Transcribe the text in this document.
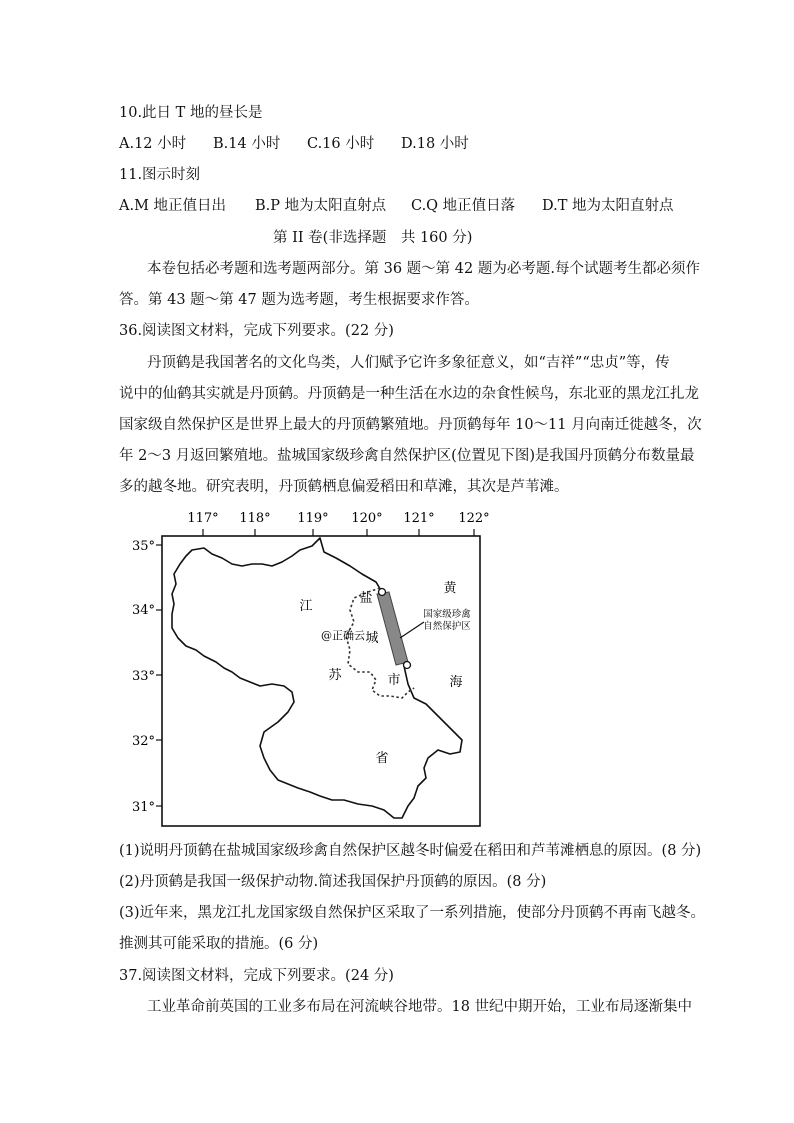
10.此日 T 地的昼长是
A.12 小时 B.14 小时 C.16 小时 D.18 小时
11.图示时刻
A.M 地正值日出 B.P 地为太阳直射点 C.Q 地正值日落 D.T 地为太阳直射点
第 II 卷(非选择题　共 160 分)
本卷包括必考题和选考题两部分。第 36 题～第 42 题为必考题.每个试题考生都必须作
答。第 43 题～第 47 题为选考题，考生根据要求作答。
36.阅读图文材料，完成下列要求。(22 分)
丹顶鹤是我国著名的文化鸟类，人们赋予它许多象征意义，如“吉祥”“忠贞”等，传
说中的仙鹤其实就是丹顶鹤。丹顶鹤是一种生活在水边的杂食性候鸟，东北亚的黑龙江扎龙
国家级自然保护区是世界上最大的丹顶鹤繁殖地。丹顶鹤每年 10～11 月向南迁徙越冬，次
年 2～3 月返回繁殖地。盐城国家级珍禽自然保护区(位置见下图)是我国丹顶鹤分布数量最
多的越冬地。研究表明，丹顶鹤栖息偏爱稻田和草滩，其次是芦苇滩。
117° 118° 119° 120° 121° 122°
35°
34°
33°
32°
31°
黄
海
国家级珍禽
自然保护区
江
苏
省
盐
城
市
@正确云
(1)说明丹顶鹤在盐城国家级珍禽自然保护区越冬时偏爱在稻田和芦苇滩栖息的原因。(8 分)
(2)丹顶鹤是我国一级保护动物.简述我国保护丹顶鹤的原因。(8 分)
(3)近年来，黑龙江扎龙国家级自然保护区采取了一系列措施，使部分丹顶鹤不再南飞越冬。
推测其可能采取的措施。(6 分)
37.阅读图文材料，完成下列要求。(24 分)
工业革命前英国的工业多布局在河流峡谷地带。18 世纪中期开始，工业布局逐渐集中
